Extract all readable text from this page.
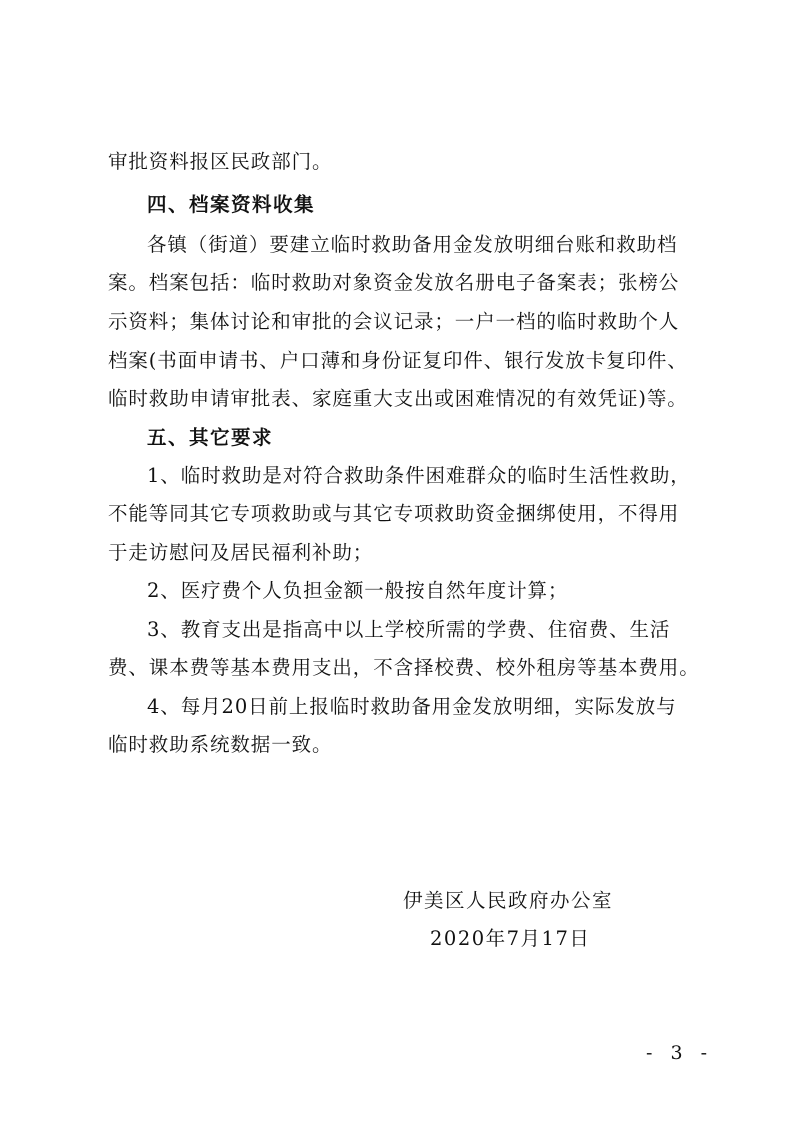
审批资料报区民政部门。
四、档案资料收集
各镇（街道）要建立临时救助备用金发放明细台账和救助档
案。档案包括：临时救助对象资金发放名册电子备案表；张榜公
示资料；集体讨论和审批的会议记录；一户一档的临时救助个人
档案(书面申请书、户口薄和身份证复印件、银行发放卡复印件、
临时救助申请审批表、家庭重大支出或困难情况的有效凭证)等。
五、其它要求
1、临时救助是对符合救助条件困难群众的临时生活性救助，
不能等同其它专项救助或与其它专项救助资金捆绑使用，不得用
于走访慰问及居民福利补助；
2、医疗费个人负担金额一般按自然年度计算；
3、教育支出是指高中以上学校所需的学费、住宿费、生活
费、课本费等基本费用支出，不含择校费、校外租房等基本费用。
4、每月20日前上报临时救助备用金发放明细，实际发放与
临时救助系统数据一致。
伊美区人民政府办公室
2020年7月17日
- 3 -
